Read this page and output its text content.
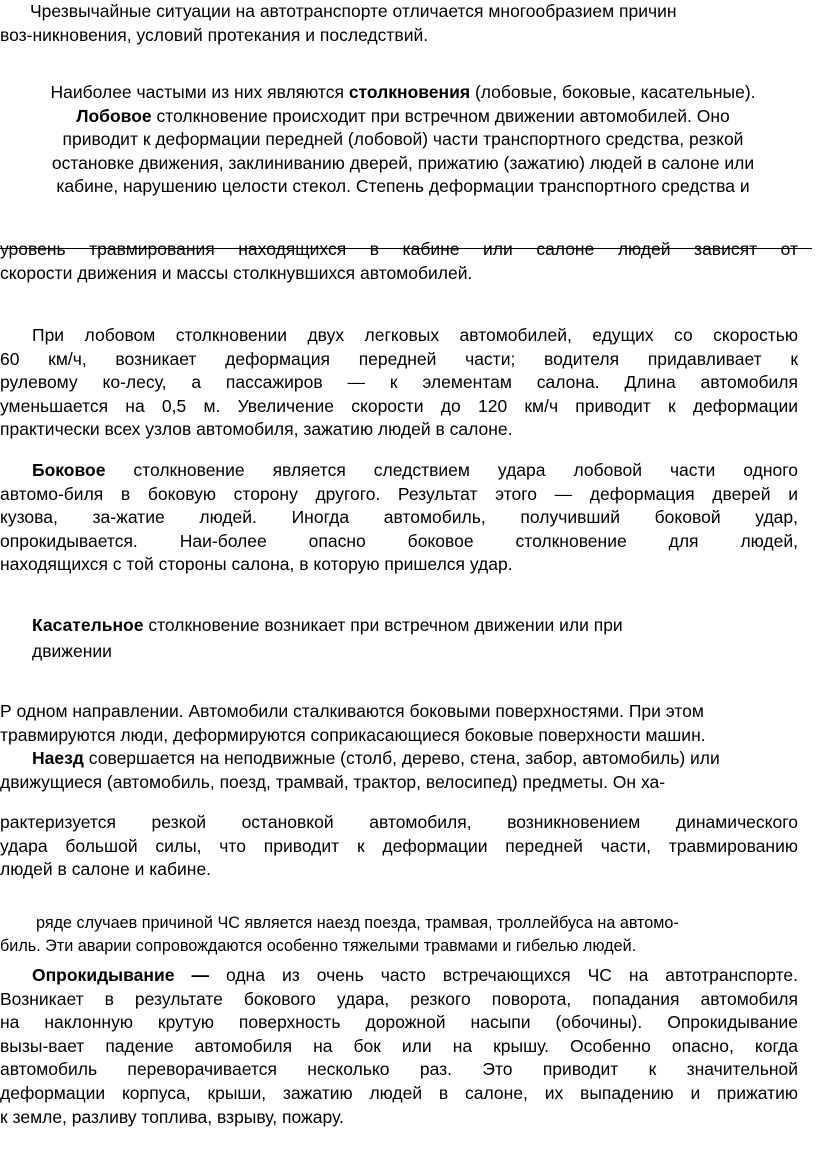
Чрезвычайные ситуации на автотранспорте отличается многообразием причин
воз-никновения, условий протекания и последствий.
Наиболее частыми из них являются столкновения (лобовые, боковые, касательные).
Лобовое столкновение происходит при встречном движении автомобилей. Оно
приводит к деформации передней (лобовой) части транспортного средства, резкой
остановке движения, заклиниванию дверей, прижатию (зажатию) людей в салоне или
кабине, нарушению целости стекол. Степень деформации транспортного средства и
уровень травмирования находящихся в кабине или салоне людей зависят от
скорости движения и массы столкнувшихся автомобилей.
При лобовом столкновении двух легковых автомобилей, едущих со скоростью
60 км/ч, возникает деформация передней части; водителя придавливает к
рулевому ко-лесу, а пассажиров — к элементам салона. Длина автомобиля
уменьшается на 0,5 м. Увеличение скорости до 120 км/ч приводит к деформации
практически всех узлов автомобиля, зажатию людей в салоне.
Боковое столкновение является следствием удара лобовой части одного
автомо-биля в боковую сторону другого. Результат этого — деформация дверей и
кузова, за-жатие людей. Иногда автомобиль, получивший боковой удар,
опрокидывается. Наи-более опасно боковое столкновение для людей,
находящихся с той стороны салона, в которую пришелся удар.
Касательное столкновение возникает при встречном движении или при
движении
Р одном направлении. Автомобили сталкиваются боковыми поверхностями. При этом
травмируются люди, деформируются соприкасающиеся боковые поверхности машин.
Наезд совершается на неподвижные (столб, дерево, стена, забор, автомобиль) или
движущиеся (автомобиль, поезд, трамвай, трактор, велосипед) предметы. Он ха-
рактеризуется резкой остановкой автомобиля, возникновением динамического
удара большой силы, что приводит к деформации передней части, травмированию
людей в салоне и кабине.
ряде случаев причиной ЧС является наезд поезда, трамвая, троллейбуса на автомо-
биль. Эти аварии сопровождаются особенно тяжелыми травмами и гибелью людей.
Опрокидывание — одна из очень часто встречающихся ЧС на автотранспорте.
Возникает в результате бокового удара, резкого поворота, попадания автомобиля
на наклонную крутую поверхность дорожной насыпи (обочины). Опрокидывание
вызы-вает падение автомобиля на бок или на крышу. Особенно опасно, когда
автомобиль переворачивается несколько раз. Это приводит к значительной
деформации корпуса, крыши, зажатию людей в салоне, их выпадению и прижатию
к земле, разливу топлива, взрыву, пожару.
